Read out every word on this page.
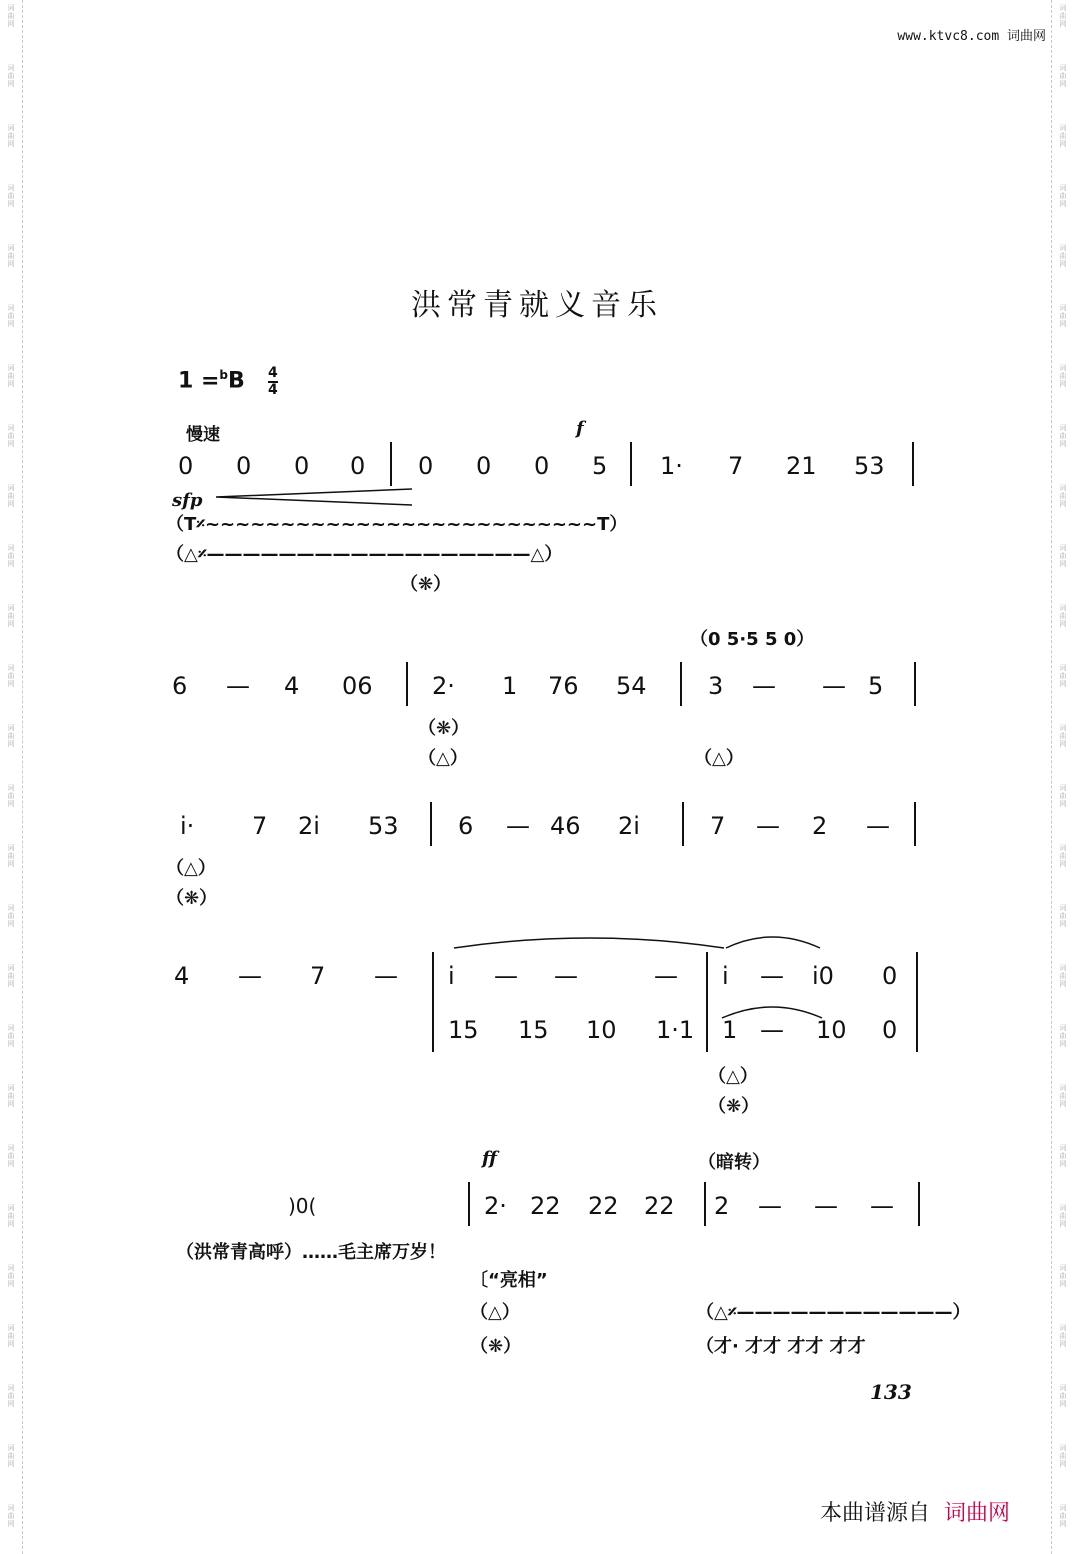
词
曲
网
词
曲
网
词
曲
网
词
曲
网
词
曲
网
词
曲
网
词
曲
网
词
曲
网
词
曲
网
词
曲
网
词
曲
网
词
曲
网
词
曲
网
词
曲
网
词
曲
网
词
曲
网
词
曲
网
词
曲
网
词
曲
网
词
曲
网
词
曲
网
词
曲
网
词
曲
网
词
曲
网
词
曲
网
词
曲
网
词
曲
网
词
曲
网
词
曲
网
词
曲
网
词
曲
网
词
曲
网
词
曲
网
词
曲
网
词
曲
网
词
曲
网
词
曲
网
词
曲
网
词
曲
网
词
曲
网
词
曲
网
词
曲
网
词
曲
网
词
曲
网
词
曲
网
词
曲
网
词
曲
网
词
曲
网
词
曲
网
词
曲
网
词
曲
网
词
曲
网
www.ktvc8.com 词曲网
洪常青就义音乐
$1 =^bB \frac{4}{4}$
慢速
sfp
f
ff
（T𝄎~~~~~~~~~~~~~~~~~~~~~~~~~~T）
（△𝄎——————————————————△）
（❋）
（0 5·5 5 0）
（❋）
（△）	（△）
（△）
（❋）
（△）
（❋）
)0(
（暗转）
（洪常青高呼）……毛主席万岁！
〔“亮相”
（△）
（❋）
（△𝄎————————————）
（才· 才才 才才 才才
0 0 0 0 0 0 0 5 1· 7 21 53
6 — 4 06 2· 1 76 54	3 — — 5
i· 7 2i 53 6 — 46 2i	7 — 2 —
4 — 7 — i — —	— i — i0 0
15 15 10 1·1 1 — 10 0
2· 22 22 22 2 — — —
133
本曲谱源自 词曲网
